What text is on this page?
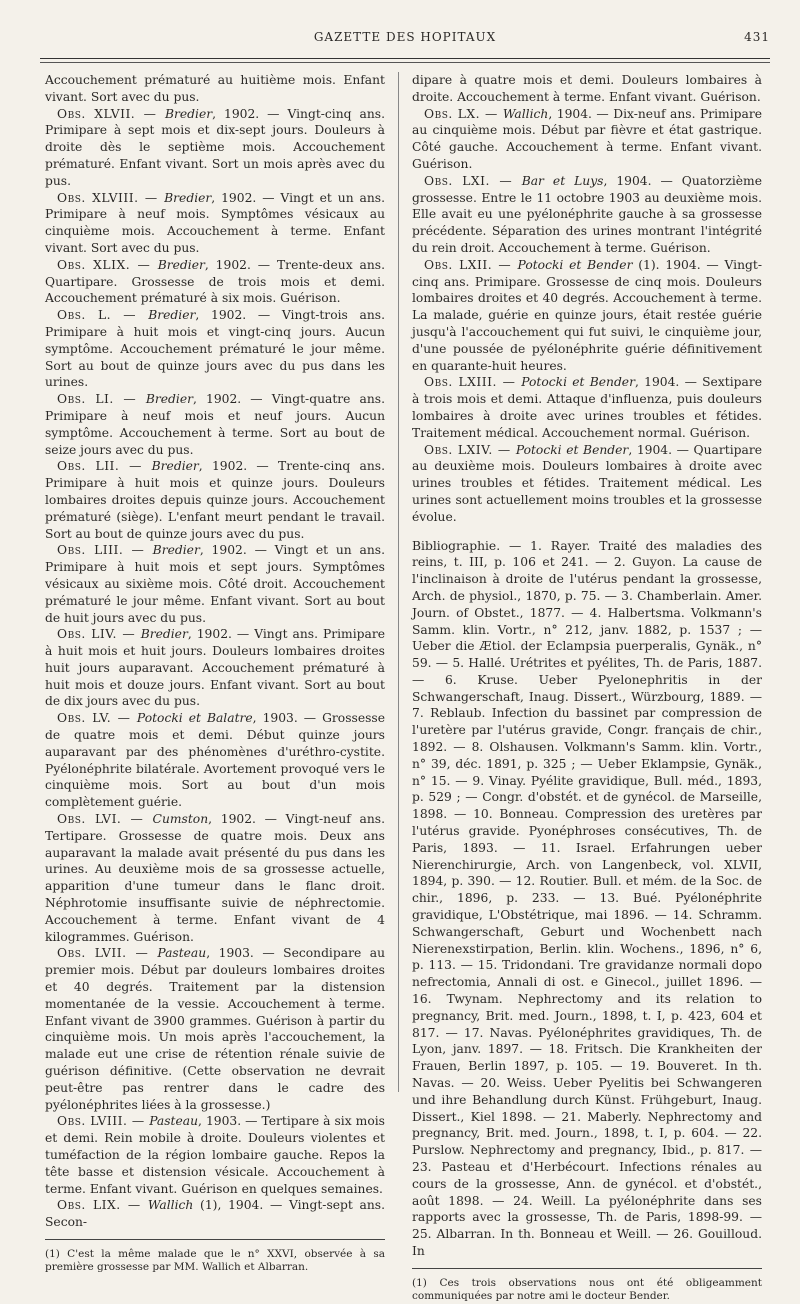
GAZETTE DES HOPITAUX	431

Accouchement prématuré au huitième mois. Enfant vivant. Sort avec du pus.

Obs. XLVII. — Bredier, 1902. — Vingt-cinq ans. Primipare à sept mois et dix-sept jours. Douleurs à droite dès le septième mois. Accouchement prématuré. Enfant vivant. Sort un mois après avec du pus.

Obs. XLVIII. — Bredier, 1902. — Vingt et un ans. Primipare à neuf mois. Symptômes vésicaux au cinquième mois. Accouchement à terme. Enfant vivant. Sort avec du pus.

Obs. XLIX. — Bredier, 1902. — Trente-deux ans. Quartipare. Grossesse de trois mois et demi. Accouchement prématuré à six mois. Guérison.

Obs. L. — Bredier, 1902. — Vingt-trois ans. Primipare à huit mois et vingt-cinq jours. Aucun symptôme. Accouchement prématuré le jour même. Sort au bout de quinze jours avec du pus dans les urines.

Obs. LI. — Bredier, 1902. — Vingt-quatre ans. Primipare à neuf mois et neuf jours. Aucun symptôme. Accouchement à terme. Sort au bout de seize jours avec du pus.

Obs. LII. — Bredier, 1902. — Trente-cinq ans. Primipare à huit mois et quinze jours. Douleurs lombaires droites depuis quinze jours. Accouchement prématuré (siège). L'enfant meurt pendant le travail. Sort au bout de quinze jours avec du pus.

Obs. LIII. — Bredier, 1902. — Vingt et un ans. Primipare à huit mois et sept jours. Symptômes vésicaux au sixième mois. Côté droit. Accouchement prématuré le jour même. Enfant vivant. Sort au bout de huit jours avec du pus.

Obs. LIV. — Bredier, 1902. — Vingt ans. Primipare à huit mois et huit jours. Douleurs lombaires droites huit jours auparavant. Accouchement prématuré à huit mois et douze jours. Enfant vivant. Sort au bout de dix jours avec du pus.

Obs. LV. — Potocki et Balatre, 1903. — Grossesse de quatre mois et demi. Début quinze jours auparavant par des phénomènes d'uréthro-cystite. Pyélonéphrite bilatérale. Avortement provoqué vers le cinquième mois. Sort au bout d'un mois complètement guérie.

Obs. LVI. — Cumston, 1902. — Vingt-neuf ans. Tertipare. Grossesse de quatre mois. Deux ans auparavant la malade avait présenté du pus dans les urines. Au deuxième mois de sa grossesse actuelle, apparition d'une tumeur dans le flanc droit. Néphrotomie insuffisante suivie de néphrectomie. Accouchement à terme. Enfant vivant de 4 kilogrammes. Guérison.

Obs. LVII. — Pasteau, 1903. — Secondipare au premier mois. Début par douleurs lombaires droites et 40 degrés. Traitement par la distension momentanée de la vessie. Accouchement à terme. Enfant vivant de 3900 grammes. Guérison à partir du cinquième mois. Un mois après l'accouchement, la malade eut une crise de rétention rénale suivie de guérison définitive. (Cette observation ne devrait peut-être pas rentrer dans le cadre des pyélonéphrites liées à la grossesse.)

Obs. LVIII. — Pasteau, 1903. — Tertipare à six mois et demi. Rein mobile à droite. Douleurs violentes et tuméfaction de la région lombaire gauche. Repos la tête basse et distension vésicale. Accouchement à terme. Enfant vivant. Guérison en quelques semaines.

Obs. LIX. — Wallich (1), 1904. — Vingt-sept ans. Secon-

(1) C'est la même malade que le n° XXVI, observée à sa première grossesse par MM. Wallich et Albarran.

dipare à quatre mois et demi. Douleurs lombaires à droite. Accouchement à terme. Enfant vivant. Guérison.

Obs. LX. — Wallich, 1904. — Dix-neuf ans. Primipare au cinquième mois. Début par fièvre et état gastrique. Côté gauche. Accouchement à terme. Enfant vivant. Guérison.

Obs. LXI. — Bar et Luys, 1904. — Quatorzième grossesse. Entre le 11 octobre 1903 au deuxième mois. Elle avait eu une pyélonéphrite gauche à sa grossesse précédente. Séparation des urines montrant l'intégrité du rein droit. Accouchement à terme. Guérison.

Obs. LXII. — Potocki et Bender (1). 1904. — Vingt-cinq ans. Primipare. Grossesse de cinq mois. Douleurs lombaires droites et 40 degrés. Accouchement à terme. La malade, guérie en quinze jours, était restée guérie jusqu'à l'accouchement qui fut suivi, le cinquième jour, d'une poussée de pyélonéphrite guérie définitivement en quarante-huit heures.

Obs. LXIII. — Potocki et Bender, 1904. — Sextipare à trois mois et demi. Attaque d'influenza, puis douleurs lombaires à droite avec urines troubles et fétides. Traitement médical. Accouchement normal. Guérison.

Obs. LXIV. — Potocki et Bender, 1904. — Quartipare au deuxième mois. Douleurs lombaires à droite avec urines troubles et fétides. Traitement médical. Les urines sont actuellement moins troubles et la grossesse évolue.

Bibliographie. — 1. Rayer. Traité des maladies des reins, t. III, p. 106 et 241. — 2. Guyon. La cause de l'inclinaison à droite de l'utérus pendant la grossesse, Arch. de physiol., 1870, p. 75. — 3. Chamberlain. Amer. Journ. of Obstet., 1877. — 4. Halbertsma. Volkmann's Samm. klin. Vortr., n° 212, janv. 1882, p. 1537 ; — Ueber die Ætiol. der Eclampsia puerperalis, Gynäk., n° 59. — 5. Hallé. Urétrites et pyélites, Th. de Paris, 1887. — 6. Kruse. Ueber Pyelonephritis in der Schwangerschaft, Inaug. Dissert., Würzbourg, 1889. — 7. Reblaub. Infection du bassinet par compression de l'uretère par l'utérus gravide, Congr. français de chir., 1892. — 8. Olshausen. Volkmann's Samm. klin. Vortr., n° 39, déc. 1891, p. 325 ; — Ueber Eklampsie, Gynäk., n° 15. — 9. Vinay. Pyélite gravidique, Bull. méd., 1893, p. 529 ; — Congr. d'obstét. et de gynécol. de Marseille, 1898. — 10. Bonneau. Compression des uretères par l'utérus gravide. Pyonéphroses consécutives, Th. de Paris, 1893. — 11. Israel. Erfahrungen ueber Nierenchirurgie, Arch. von Langenbeck, vol. XLVII, 1894, p. 390. — 12. Routier. Bull. et mém. de la Soc. de chir., 1896, p. 233. — 13. Bué. Pyélonéphrite gravidique, L'Obstétrique, mai 1896. — 14. Schramm. Schwangerschaft, Geburt und Wochenbett nach Nierenexstirpation, Berlin. klin. Wochens., 1896, n° 6, p. 113. — 15. Tridondani. Tre gravidanze normali dopo nefrectomia, Annali di ost. e Ginecol., juillet 1896. — 16. Twynam. Nephrectomy and its relation to pregnancy, Brit. med. Journ., 1898, t. I, p. 423, 604 et 817. — 17. Navas. Pyélonéphrites gravidiques, Th. de Lyon, janv. 1897. — 18. Fritsch. Die Krankheiten der Frauen, Berlin 1897, p. 105. — 19. Bouveret. In th. Navas. — 20. Weiss. Ueber Pyelitis bei Schwangeren und ihre Behandlung durch Künst. Frühgeburt, Inaug. Dissert., Kiel 1898. — 21. Maberly. Nephrectomy and pregnancy, Brit. med. Journ., 1898, t. I, p. 604. — 22. Purslow. Nephrectomy and pregnancy, Ibid., p. 817. — 23. Pasteau et d'Herbécourt. Infections rénales au cours de la grossesse, Ann. de gynécol. et d'obstét., août 1898. — 24. Weill. La pyélonéphrite dans ses rapports avec la grossesse, Th. de Paris, 1898-99. — 25. Albarran. In th. Bonneau et Weill. — 26. Gouilloud. In

(1) Ces trois observations nous ont été obligeamment communiquées par notre ami le docteur Bender.
